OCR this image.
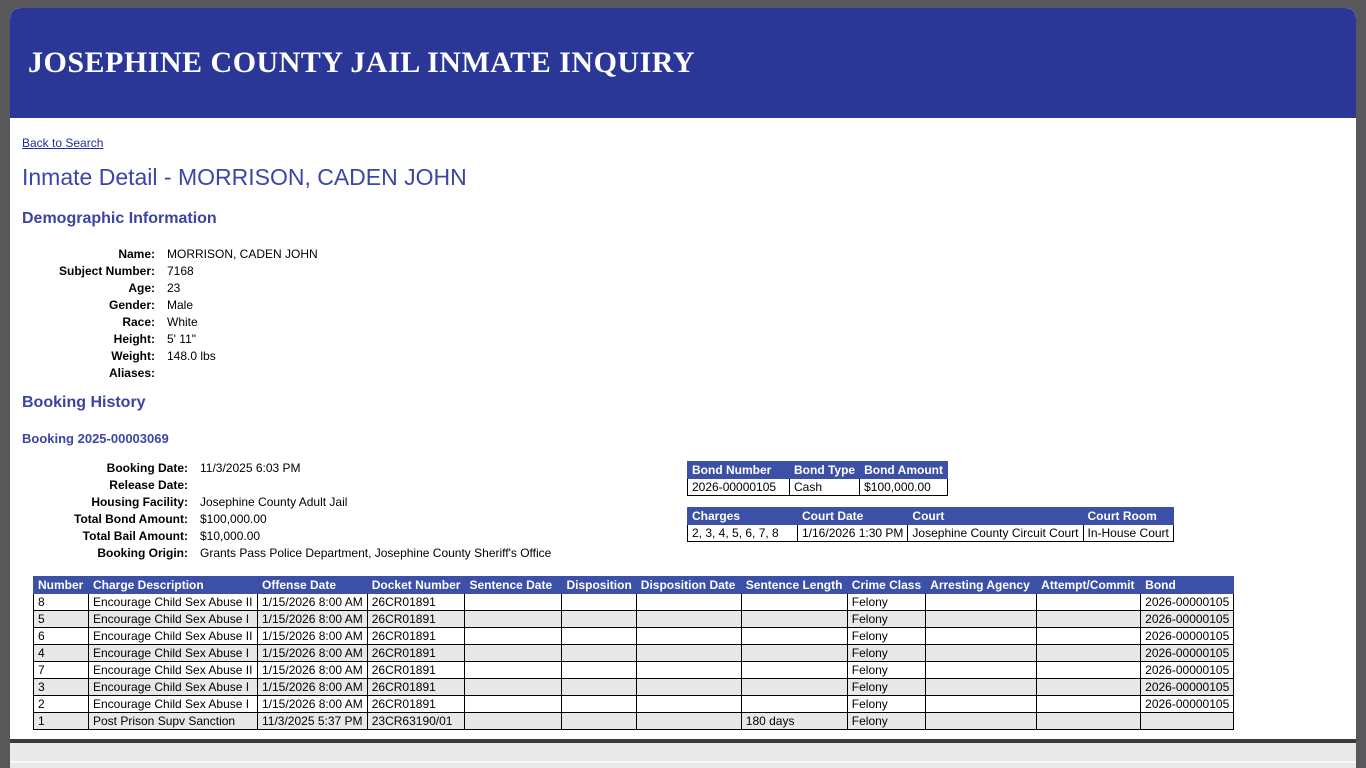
JOSEPHINE COUNTY JAIL INMATE INQUIRY
Back to Search
Inmate Detail - MORRISON, CADEN JOHN
Demographic Information
Name: MORRISON, CADEN JOHN
Subject Number: 7168
Age: 23
Gender: Male
Race: White
Height: 5' 11"
Weight: 148.0 lbs
Aliases:
Booking History
Booking 2025-00003069
Booking Date: 11/3/2025 6:03 PM
Release Date:
Housing Facility: Josephine County Adult Jail
Total Bond Amount: $100,000.00
Total Bail Amount: $10,000.00
Booking Origin: Grants Pass Police Department, Josephine County Sheriff's Office
Bond Number	Bond Type	Bond Amount
2026-00000105	Cash	$100,000.00
Charges	Court Date	Court	Court Room
2, 3, 4, 5, 6, 7, 8	1/16/2026 1:30 PM	Josephine County Circuit Court	In-House Court
Number	Charge Description	Offense Date	Docket Number	Sentence Date	Disposition	Disposition Date	Sentence Length	Crime Class	Arresting Agency	Attempt/Commit	Bond
8	Encourage Child Sex Abuse II	1/15/2026 8:00 AM	26CR01891					Felony			2026-00000105
5	Encourage Child Sex Abuse I	1/15/2026 8:00 AM	26CR01891					Felony			2026-00000105
6	Encourage Child Sex Abuse II	1/15/2026 8:00 AM	26CR01891					Felony			2026-00000105
4	Encourage Child Sex Abuse I	1/15/2026 8:00 AM	26CR01891					Felony			2026-00000105
7	Encourage Child Sex Abuse II	1/15/2026 8:00 AM	26CR01891					Felony			2026-00000105
3	Encourage Child Sex Abuse I	1/15/2026 8:00 AM	26CR01891					Felony			2026-00000105
2	Encourage Child Sex Abuse I	1/15/2026 8:00 AM	26CR01891					Felony			2026-00000105
1	Post Prison Supv Sanction	11/3/2025 5:37 PM	23CR63190/01				180 days	Felony			
